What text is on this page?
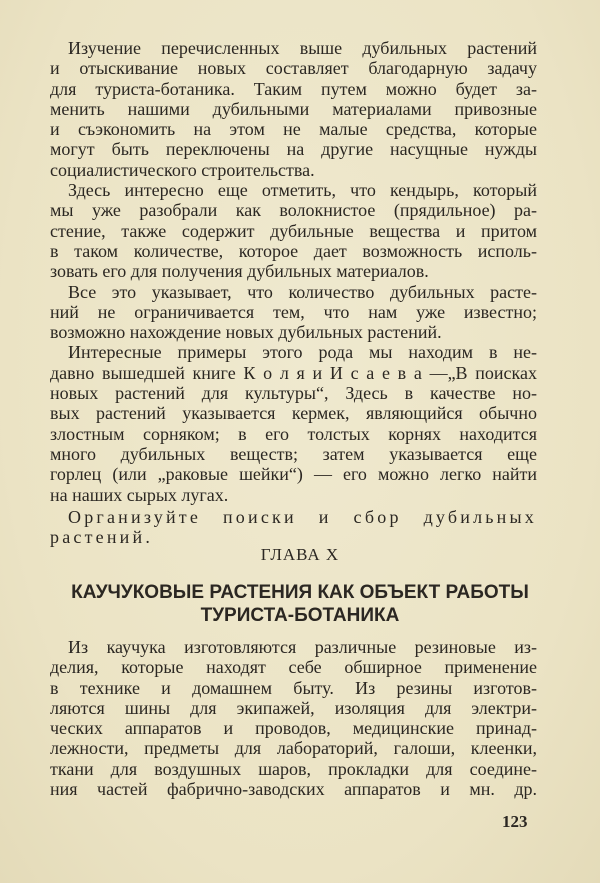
Изучение перечисленных выше дубильных растений
и отыскивание новых составляет благодарную задачу
для туриста-ботаника. Таким путем можно будет за-
менить нашими дубильными материалами привозные
и съэкономить на этом не малые средства, которые
могут быть переключены на другие насущные нужды
социалистического строительства.
Здесь интересно еще отметить, что кендырь, который
мы уже разобрали как волокнистое (прядильное) ра-
стение, также содержит дубильные вещества и притом
в таком количестве, которое дает возможность исполь-
зовать его для получения дубильных материалов.
Все это указывает, что количество дубильных расте-
ний не ограничивается тем, что нам уже известно;
возможно нахождение новых дубильных растений.
Интересные примеры этого рода мы находим в не-
давно вышедшей книге К о л я и И с а е в а —„В поисках
новых растений для культуры“, Здесь в качестве но-
вых растений указывается кермек, являющийся обычно
злостным сорняком; в его толстых корнях находится
много дубильных веществ; затем указывается еще
горлец (или „раковые шейки“) — его можно легко найти
на наших сырых лугах.
Организуйте поиски и сбор дубильных
растений.
ГЛАВА X
КАУЧУКОВЫЕ РАСТЕНИЯ КАК ОБЪЕКТ РАБОТЫ
ТУРИСТА-БОТАНИКА
Из каучука изготовляются различные резиновые из-
делия, которые находят себе обширное применение
в технике и домашнем быту. Из резины изготов-
ляются шины для экипажей, изоляция для электри-
ческих аппаратов и проводов, медицинские принад-
лежности, предметы для лабораторий, галоши, клеенки,
ткани для воздушных шаров, прокладки для соедине-
ния частей фабрично-заводских аппаратов и мн. др.
123
